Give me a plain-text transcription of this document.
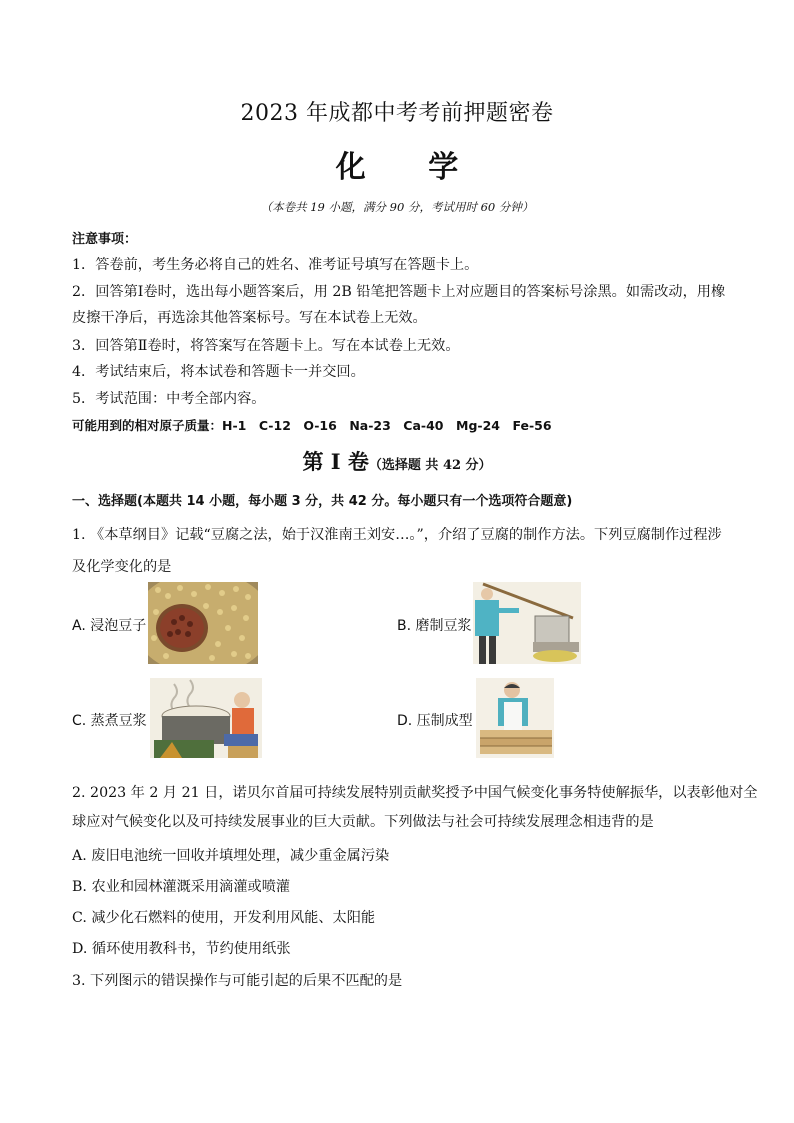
2023 年成都中考考前押题密卷
化 学
（本卷共 19 小题，满分 90 分，考试用时 60 分钟）
注意事项：
1．答卷前，考生务必将自己的姓名、准考证号填写在答题卡上。
2．回答第Ⅰ卷时，选出每小题答案后，用 2B 铅笔把答题卡上对应题目的答案标号涂黑。如需改动，用橡
皮擦干净后，再选涂其他答案标号。写在本试卷上无效。
3．回答第Ⅱ卷时，将答案写在答题卡上。写在本试卷上无效。
4．考试结束后，将本试卷和答题卡一并交回。
5．考试范围：中考全部内容。
可能用到的相对原子质量：H-1　C-12　O-16　Na-23　Ca-40　Mg-24　Fe-56
第 I 卷（选择题 共 42 分）
一、选择题(本题共 14 小题，每小题 3 分，共 42 分。每小题只有一个选项符合题意)
1. 《本草纲目》记载“豆腐之法，始于汉淮南王刘安…。”，介绍了豆腐的制作方法。下列豆腐制作过程涉
及化学变化的是
A. 浸泡豆子	B. 磨制豆浆
C. 蒸煮豆浆	D. 压制成型
2. 2023 年 2 月 21 日，诺贝尔首届可持续发展特别贡献奖授予中国气候变化事务特使解振华，以表彰他对全
球应对气候变化以及可持续发展事业的巨大贡献。下列做法与社会可持续发展理念相违背的是
A. 废旧电池统一回收并填埋处理，减少重金属污染
B. 农业和园林灌溉采用滴灌或喷灌
C. 减少化石燃料的使用，开发利用风能、太阳能
D. 循环使用教科书，节约使用纸张
3. 下列图示的错误操作与可能引起的后果不匹配的是
